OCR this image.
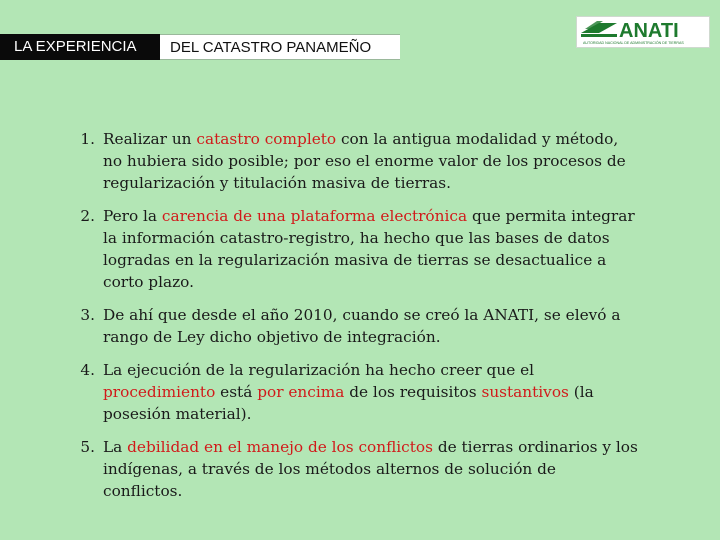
LA EXPERIENCIA	DEL CATASTRO PANAMEÑO
ANATI
AUTORIDAD NACIONAL DE ADMINISTRACIÓN DE TIERRAS
1. Realizar un catastro completo con la antigua modalidad y método, no hubiera sido posible; por eso el enorme valor de los procesos de regularización y titulación masiva de tierras.
2. Pero la carencia de una plataforma electrónica que permita integrar la información catastro-registro, ha hecho que las bases de datos logradas en la regularización masiva de tierras se desactualice a corto plazo.
3. De ahí que desde el año 2010, cuando se creó la ANATI, se elevó a rango de Ley dicho objetivo de integración.
4. La ejecución de la regularización ha hecho creer que el procedimiento está por encima de los requisitos sustantivos (la posesión material).
5. La debilidad en el manejo de los conflictos de tierras ordinarios y los indígenas, a través de los métodos alternos de solución de conflictos.
